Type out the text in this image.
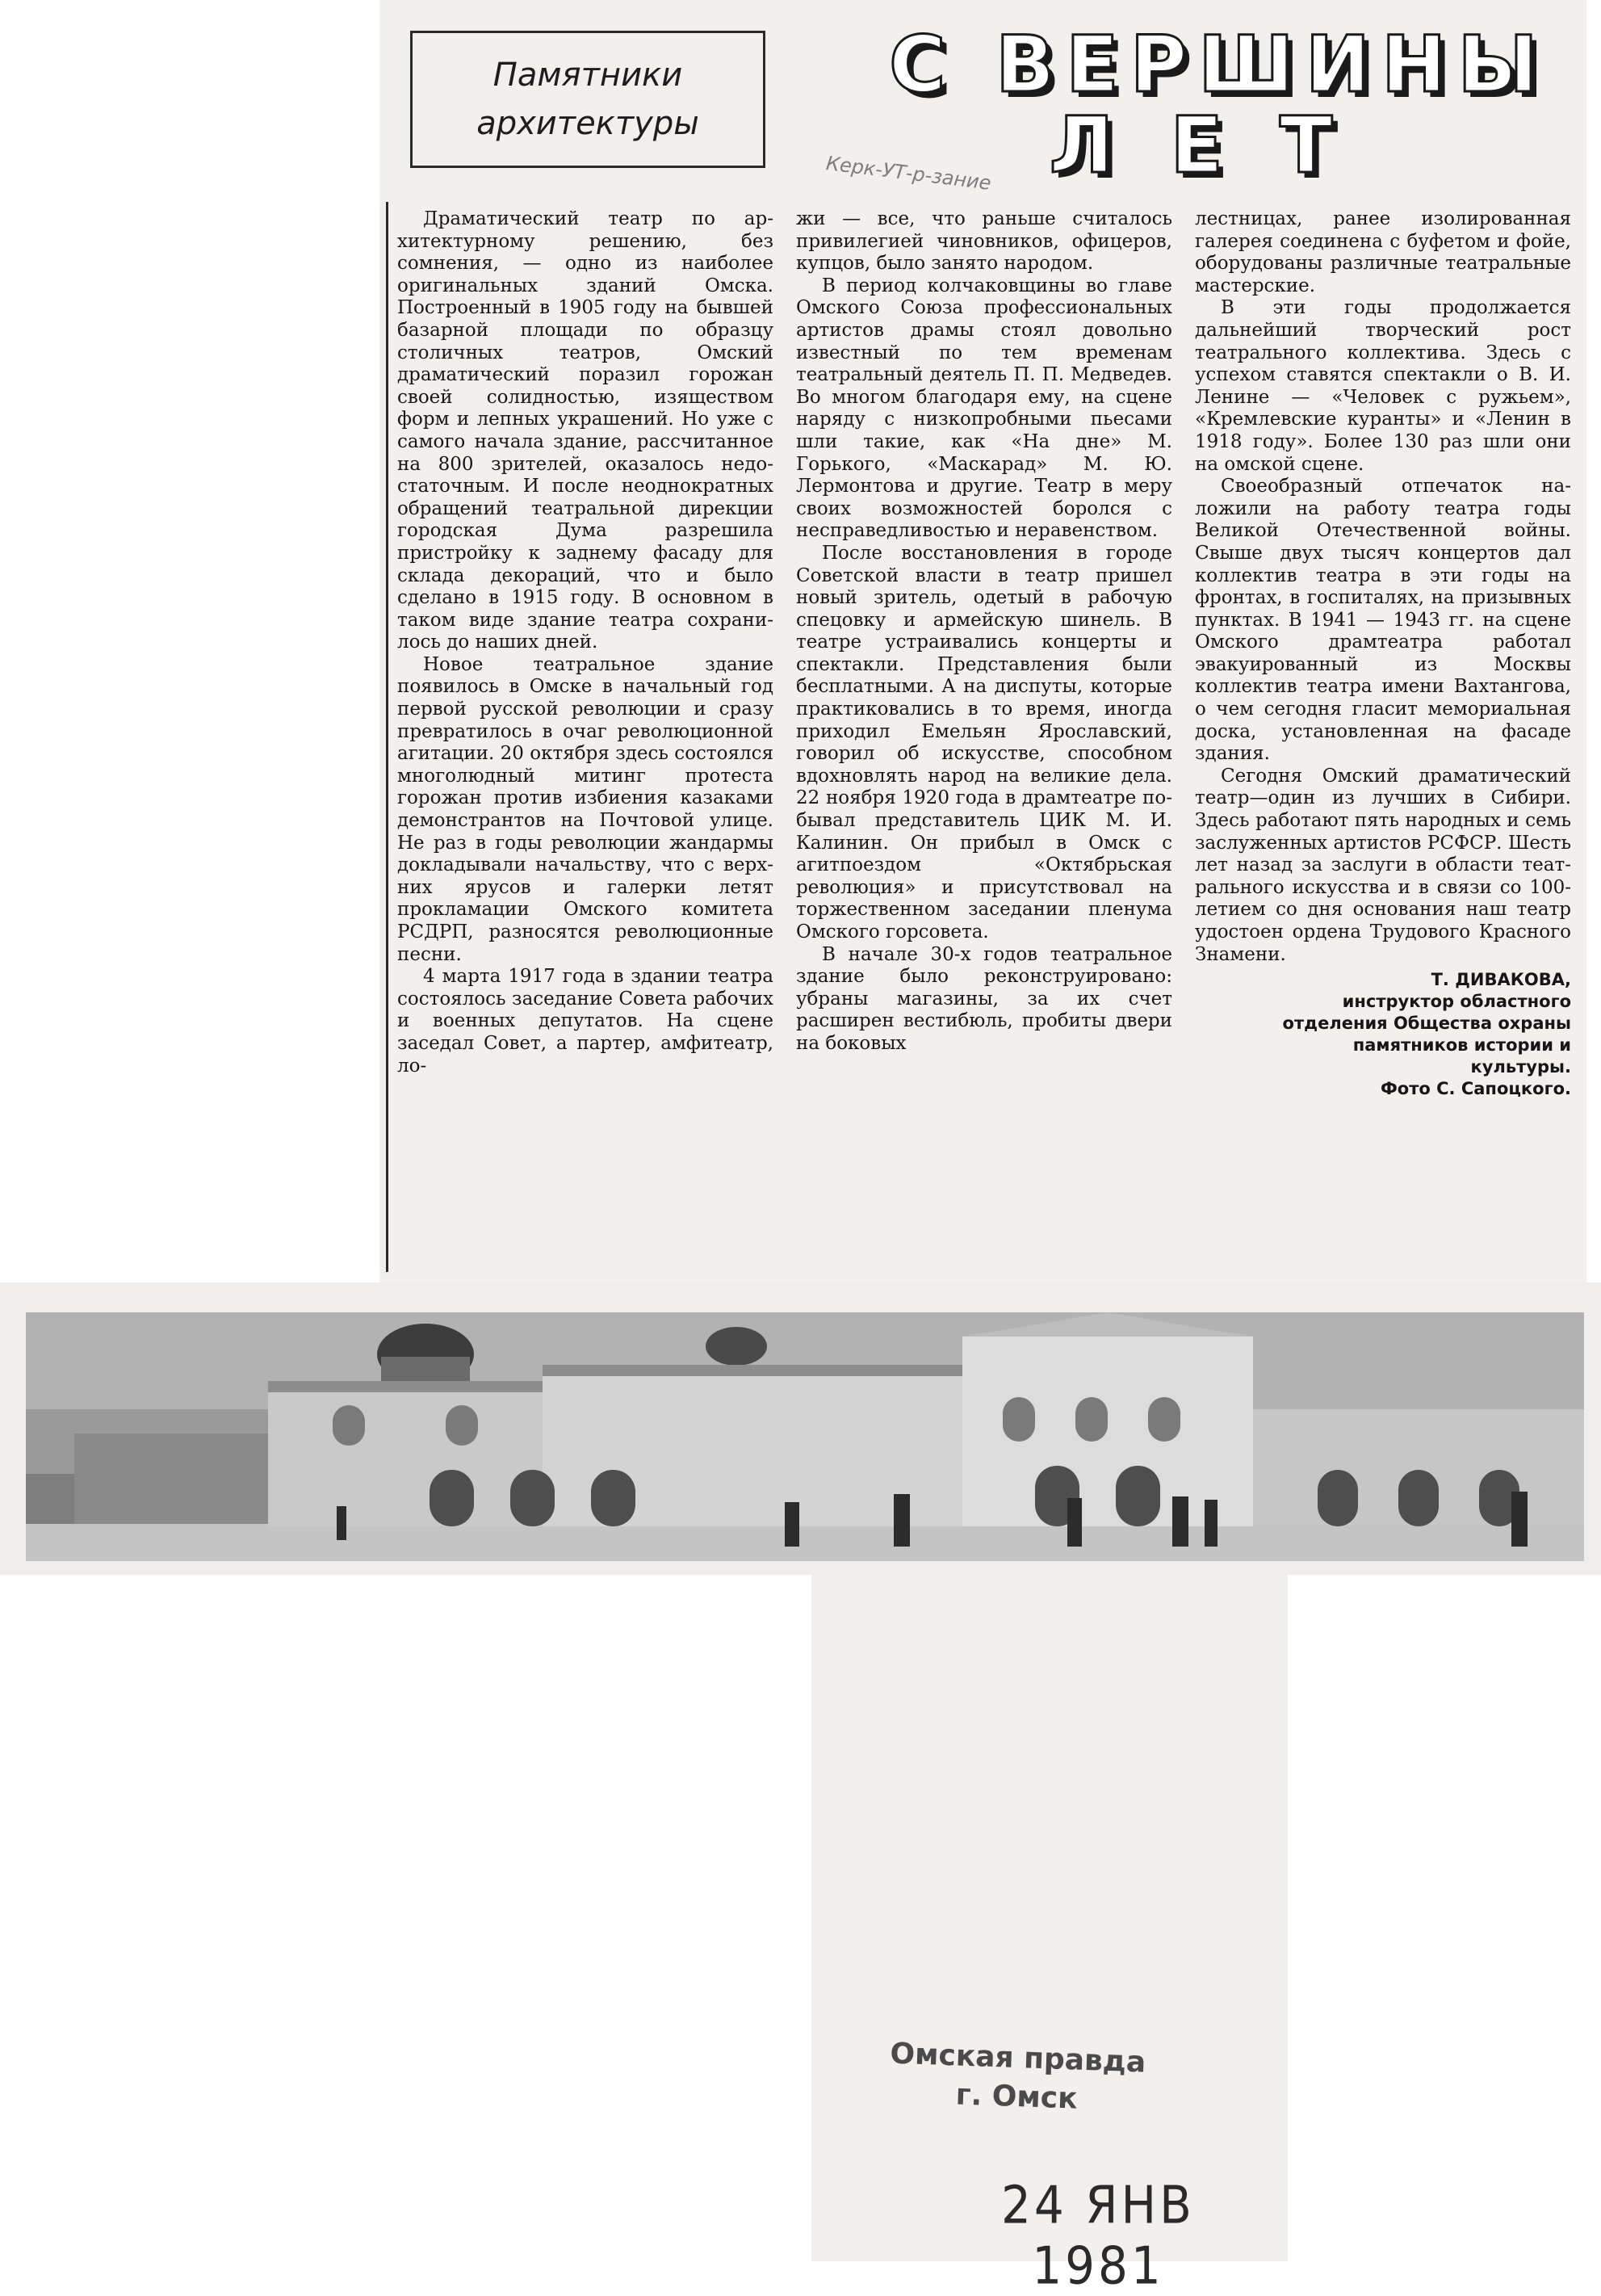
Памятники
архитектуры
С ВЕРШИНЫ
ЛЕТ
Керк-УТ-р-зание

Драматический театр по архитектурному решению, без сомнения, — одно из наиболее оригинальных зданий Омска. Построенный в 1905 году на бывшей базарной площади по образцу столичных театров, Омский драматический поразил горожан своей солидностью, изяществом форм и лепных украшений. Но уже с самого начала здание, рассчитанное на 800 зрителей, оказалось недостаточным. И после неоднократных обращений театральной дирекции городская Дума разрешила пристройку к заднему фасаду для склада декораций, что и было сделано в 1915 году. В основном в таком виде здание театра сохранилось до наших дней.

Новое театральное здание появилось в Омске в начальный год первой русской революции и сразу превратилось в очаг революционной агитации. 20 октября здесь состоялся многолюдный митинг протеста горожан против избиения казаками демонстрантов на Почтовой улице. Не раз в годы революции жандармы докладывали начальству, что с верхних ярусов и галерки летят прокламации Омского комитета РСДРП, разносятся революционные песни.

4 марта 1917 года в здании театра состоялось заседание Совета рабочих и военных депутатов. На сцене заседал Совет, а партер, амфитеатр, ло-

жи — все, что раньше считалось привилегией чиновников, офицеров, купцов, было занято народом.

В период колчаковщины во главе Омского Союза профессиональных артистов драмы стоял довольно известный по тем временам театральный деятель П. П. Медведев. Во многом благодаря ему, на сцене наряду с низкопробными пьесами шли такие, как «На дне» М. Горького, «Маскарад» М. Ю. Лермонтова и другие. Театр в меру своих возможностей боролся с несправедливостью и неравенством.

После восстановления в городе Советской власти в театр пришел новый зритель, одетый в рабочую спецовку и армейскую шинель. В театре устраивались концерты и спектакли. Представления были бесплатными. А на диспуты, которые практиковались в то время, иногда приходил Емельян Ярославский, говорил об искусстве, способном вдохновлять народ на великие дела. 22 ноября 1920 года в драмтеатре побывал представитель ЦИК М. И. Калинин. Он прибыл в Омск с агитпоездом «Октябрьская революция» и присутствовал на торжественном заседании пленума Омского горсовета.

В начале 30-х годов театральное здание было реконструировано: убраны магазины, за их счет расширен вестибюль, пробиты двери на боковых

лестницах, ранее изолированная галерея соединена с буфетом и фойе, оборудованы различные театральные мастерские.

В эти годы продолжается дальнейший творческий рост театрального коллектива. Здесь с успехом ставятся спектакли о В. И. Ленине — «Человек с ружьем», «Кремлевские куранты» и «Ленин в 1918 году». Более 130 раз шли они на омской сцене.

Своеобразный отпечаток наложили на работу театра годы Великой Отечественной войны. Свыше двух тысяч концертов дал коллектив театра в эти годы на фронтах, в госпиталях, на призывных пунктах. В 1941 — 1943 гг. на сцене Омского драмтеатра работал эвакуированный из Москвы коллектив театра имени Вахтангова, о чем сегодня гласит мемориальная доска, установленная на фасаде здания.

Сегодня Омский драматический театр—один из лучших в Сибири. Здесь работают пять народных и семь заслуженных артистов РСФСР. Шесть лет назад за заслуги в области театрального искусства и в связи со 100-летием со дня основания наш театр удостоен ордена Трудового Красного Знамени.

Т. ДИВАКОВА,
инструктор областного
отделения Общества охраны
памятников истории и
культуры.
Фото С. Сапоцкого.
Омская правда
г. Омск
24 ЯНВ 1981
